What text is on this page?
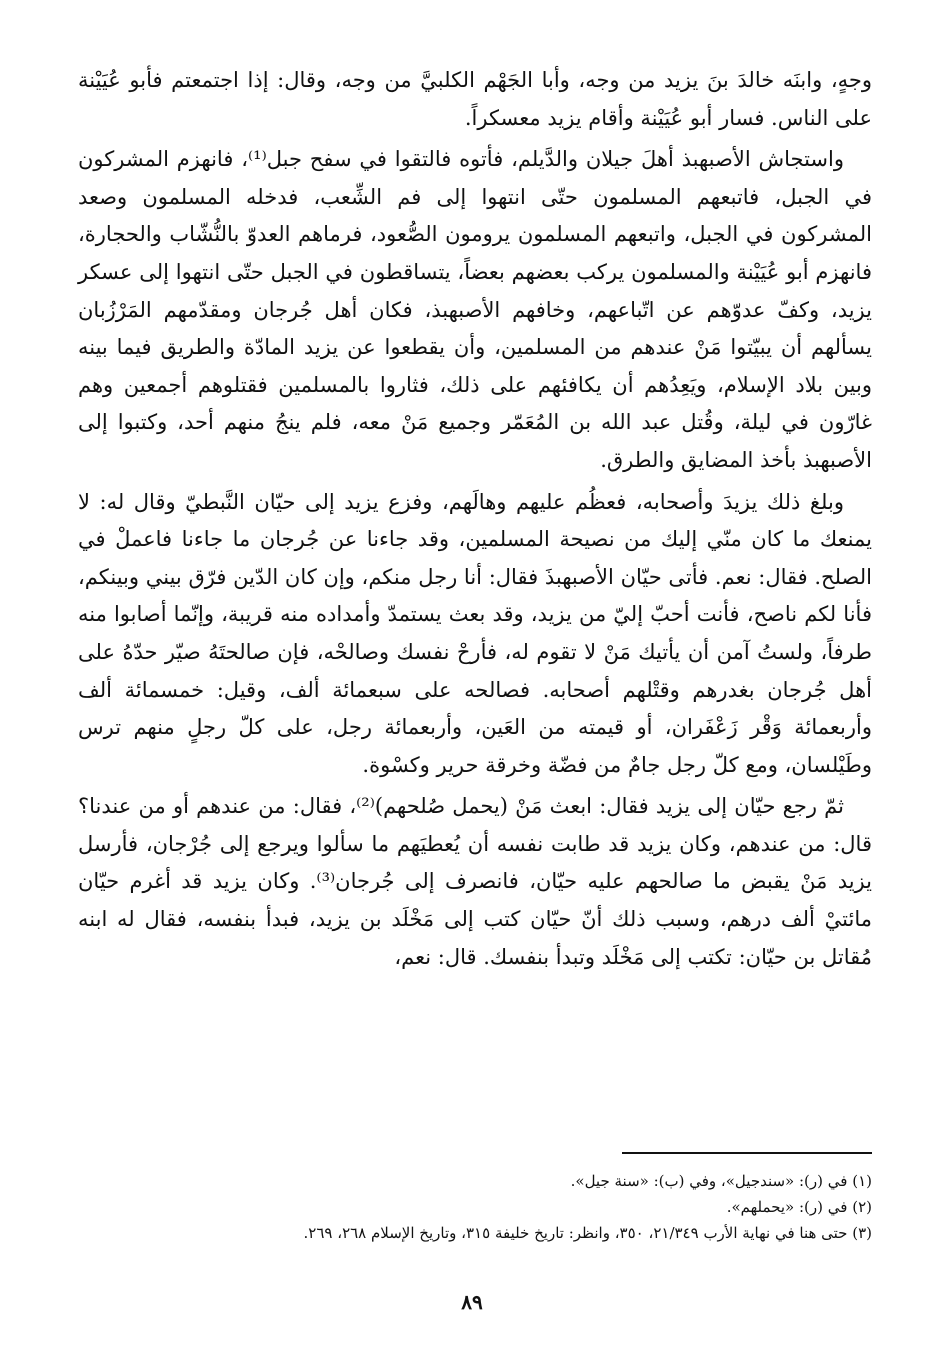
وجهٍ، وابنَه خالدَ بنَ يزيد من وجه، وأبا الجَهْم الكلبيَّ من وجه، وقال: إذا اجتمعتم فأبو عُيَيْنة على الناس. فسار أبو عُيَيْنة وأقام يزيد معسكراً.

واستجاش الأصبهبذ أهلَ جيلان والدَّيلم، فأتوه فالتقوا في سفح جبل⁽¹⁾، فانهزم المشركون في الجبل، فاتبعهم المسلمون حتّى انتهوا إلى فم الشِّعب، فدخله المسلمون وصعد المشركون في الجبل، واتبعهم المسلمون يرومون الصُّعود، فرماهم العدوّ بالنُّشّاب والحجارة، فانهزم أبو عُيَيْنة والمسلمون يركب بعضهم بعضاً، يتساقطون في الجبل حتّى انتهوا إلى عسكر يزيد، وكفّ عدوّهم عن اتّباعهم، وخافهم الأصبهبذ، فكان أهل جُرجان ومقدّمهم المَرْزُبان يسألهم أن يبيّتوا مَنْ عندهم من المسلمين، وأن يقطعوا عن يزيد المادّة والطريق فيما بينه وبين بلاد الإسلام، ويَعِدُهم أن يكافئهم على ذلك، فثاروا بالمسلمين فقتلوهم أجمعين وهم غارّون في ليلة، وقُتل عبد الله بن المُعَمّر وجميع مَنْ معه، فلم ينجُ منهم أحد، وكتبوا إلى الأصبهبذ بأخذ المضايق والطرق.

وبلغ ذلك يزيدَ وأصحابه، فعظُم عليهم وهالَهم، وفزع يزيد إلى حيّان النَّبطيّ وقال له: لا يمنعك ما كان منّي إليك من نصيحة المسلمين، وقد جاءنا عن جُرجان ما جاءنا فاعملْ في الصلح. فقال: نعم. فأتى حيّان الأصبهبذَ فقال: أنا رجل منكم، وإن كان الدّين فرّق بيني وبينكم، فأنا لكم ناصح، فأنت أحبّ إليّ من يزيد، وقد بعث يستمدّ وأمداده منه قريبة، وإنّما أصابوا منه طرفاً، ولستُ آمن أن يأتيك مَنْ لا تقوم له، فأرحْ نفسك وصالحْه، فإن صالحتَهُ صيّر حدّهُ على أهل جُرجان بغدرهم وقتْلهم أصحابه. فصالحه على سبعمائة ألف، وقيل: خمسمائة ألف وأربعمائة وَقْر زَعْفَران، أو قيمته من العَين، وأربعمائة رجل، على كلّ رجلٍ منهم ترس وطَيْلسان، ومع كلّ رجل جامٌ من فضّة وخرقة حرير وكسْوة.

ثمّ رجع حيّان إلى يزيد فقال: ابعث مَنْ (يحمل صُلحهم)⁽²⁾، فقال: من عندهم أو من عندنا؟ قال: من عندهم، وكان يزيد قد طابت نفسه أن يُعطيَهم ما سألوا ويرجع إلى جُرْجان، فأرسل يزيد مَنْ يقبض ما صالحهم عليه حيّان، فانصرف إلى جُرجان⁽³⁾. وكان يزيد قد أغرم حيّان مائتيْ ألف درهم، وسبب ذلك أنّ حيّان كتب إلى مَخْلَد بن يزيد، فبدأ بنفسه، فقال له ابنه مُقاتل بن حيّان: تكتب إلى مَخْلَد وتبدأ بنفسك. قال: نعم،

(١) في (ر): «سندجيل»، وفي (ب): «سنة جيل».

(٢) في (ر): «يحملهم».

(٣) حتى هنا في نهاية الأرب ٢١/٣٤٩، ٣٥٠، وانظر: تاريخ خليفة ٣١٥، وتاريخ الإسلام ٢٦٨، ٢٦٩.

٨٩
